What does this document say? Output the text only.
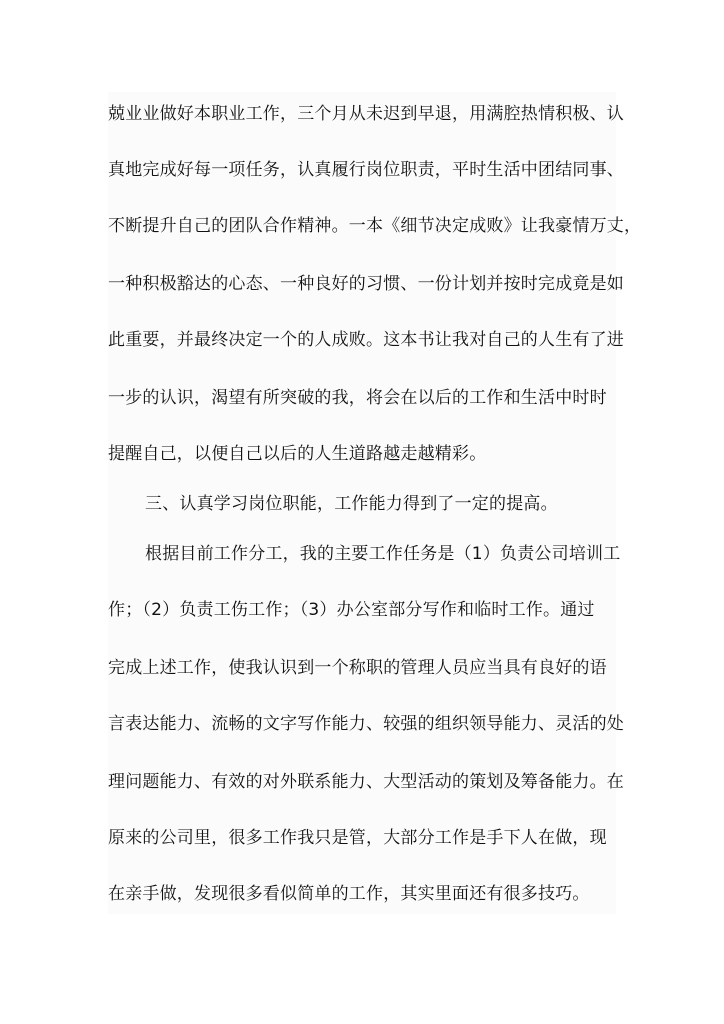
兢业业做好本职业工作，三个月从未迟到早退，用满腔热情积极、认
真地完成好每一项任务，认真履行岗位职责，平时生活中团结同事、
不断提升自己的团队合作精神。一本《细节决定成败》让我豪情万丈，
一种积极豁达的心态、一种良好的习惯、一份计划并按时完成竟是如
此重要，并最终决定一个的人成败。这本书让我对自己的人生有了进
一步的认识，渴望有所突破的我，将会在以后的工作和生活中时时
提醒自己，以便自己以后的人生道路越走越精彩。
三、认真学习岗位职能，工作能力得到了一定的提高。
根据目前工作分工，我的主要工作任务是（1）负责公司培训工
作；（2）负责工伤工作；（3）办公室部分写作和临时工作。通过
完成上述工作，使我认识到一个称职的管理人员应当具有良好的语
言表达能力、流畅的文字写作能力、较强的组织领导能力、灵活的处
理问题能力、有效的对外联系能力、大型活动的策划及筹备能力。在
原来的公司里，很多工作我只是管，大部分工作是手下人在做，现
在亲手做，发现很多看似简单的工作，其实里面还有很多技巧。
